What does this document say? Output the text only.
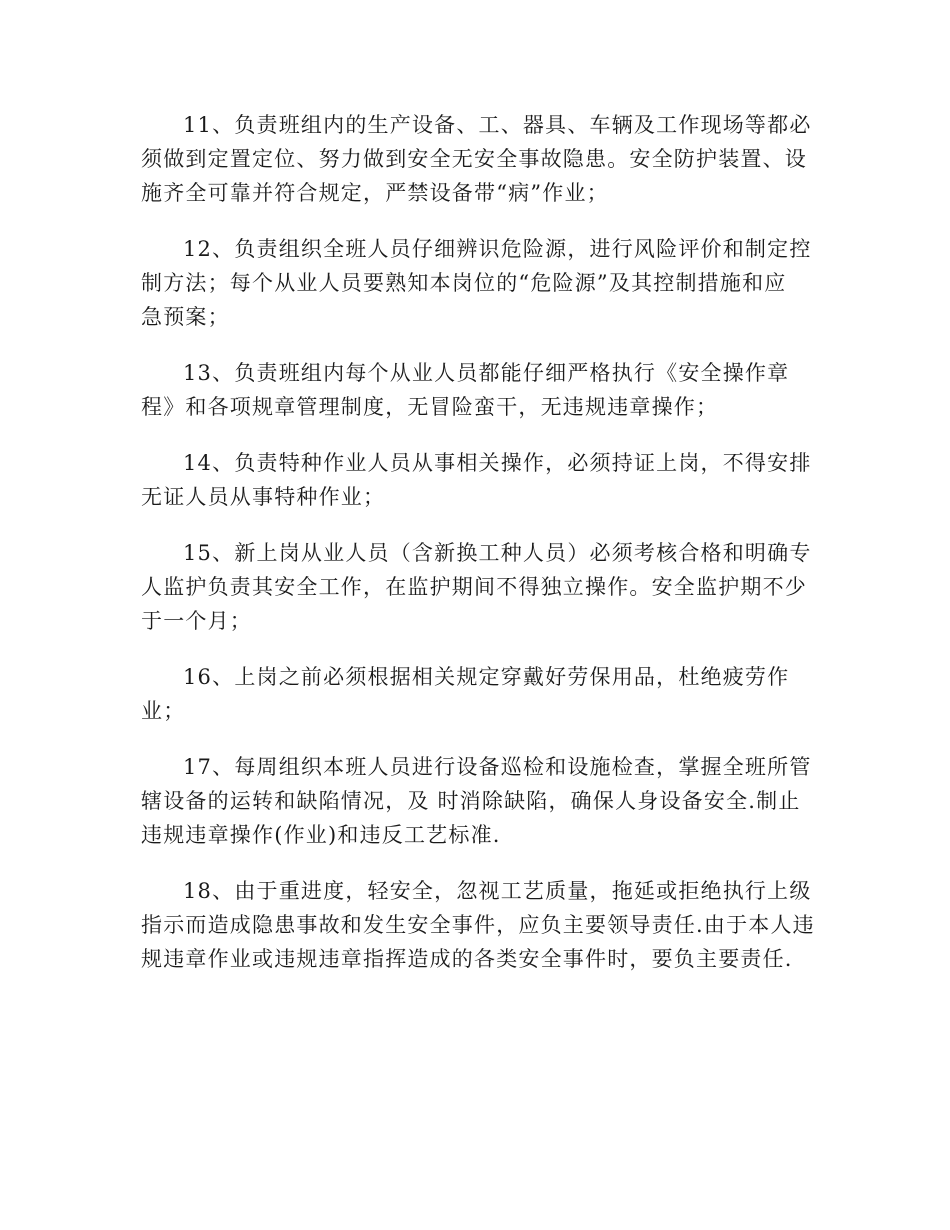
11、负责班组内的生产设备、工、器具、车辆及工作现场等都必
须做到定置定位、努力做到安全无安全事故隐患。安全防护装置、设
施齐全可靠并符合规定，严禁设备带“病”作业；
12、负责组织全班人员仔细辨识危险源，进行风险评价和制定控
制方法；每个从业人员要熟知本岗位的“危险源”及其控制措施和应
急预案；
13、负责班组内每个从业人员都能仔细严格执行《安全操作章
程》和各项规章管理制度，无冒险蛮干，无违规违章操作；
14、负责特种作业人员从事相关操作，必须持证上岗，不得安排
无证人员从事特种作业；
15、新上岗从业人员（含新换工种人员）必须考核合格和明确专
人监护负责其安全工作，在监护期间不得独立操作。安全监护期不少
于一个月；
16、上岗之前必须根据相关规定穿戴好劳保用品，杜绝疲劳作
业；
17、每周组织本班人员进行设备巡检和设施检查，掌握全班所管
辖设备的运转和缺陷情况，及 时消除缺陷，确保人身设备安全.制止
违规违章操作(作业)和违反工艺标准.
18、由于重进度，轻安全，忽视工艺质量，拖延或拒绝执行上级
指示而造成隐患事故和发生安全事件，应负主要领导责任.由于本人违
规违章作业或违规违章指挥造成的各类安全事件时，要负主要责任.
